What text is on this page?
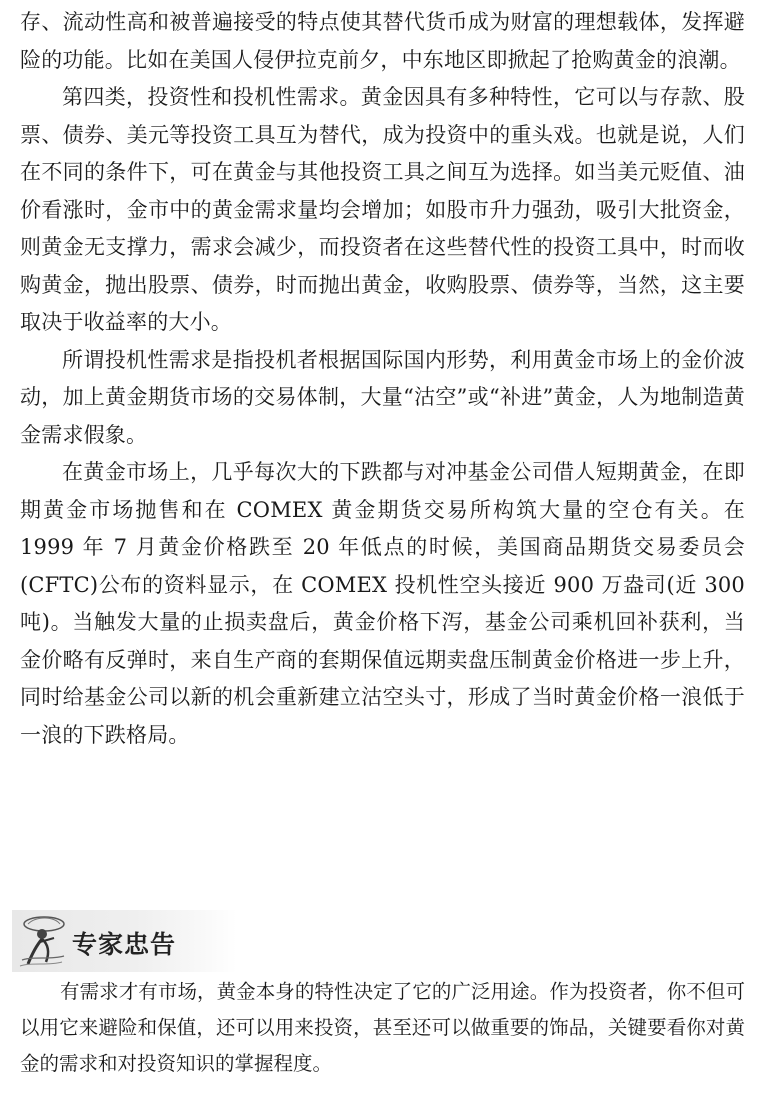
存、流动性高和被普遍接受的特点使其替代货币成为财富的理想载体，发挥避险的功能。比如在美国人侵伊拉克前夕，中东地区即掀起了抢购黄金的浪潮。

第四类，投资性和投机性需求。黄金因具有多种特性，它可以与存款、股票、债券、美元等投资工具互为替代，成为投资中的重头戏。也就是说，人们在不同的条件下，可在黄金与其他投资工具之间互为选择。如当美元贬值、油价看涨时，金市中的黄金需求量均会增加；如股市升力强劲，吸引大批资金，则黄金无支撑力，需求会减少，而投资者在这些替代性的投资工具中，时而收购黄金，抛出股票、债券，时而抛出黄金，收购股票、债券等，当然，这主要取决于收益率的大小。

所谓投机性需求是指投机者根据国际国内形势，利用黄金市场上的金价波动，加上黄金期货市场的交易体制，大量“沽空”或“补进”黄金，人为地制造黄金需求假象。

在黄金市场上，几乎每次大的下跌都与对冲基金公司借人短期黄金，在即期黄金市场抛售和在 COMEX 黄金期货交易所构筑大量的空仓有关。在 1999 年 7 月黄金价格跌至 20 年低点的时候，美国商品期货交易委员会(CFTC)公布的资料显示，在 COMEX 投机性空头接近 900 万盎司(近 300 吨)。当触发大量的止损卖盘后，黄金价格下泻，基金公司乘机回补获利，当金价略有反弹时，来自生产商的套期保值远期卖盘压制黄金价格进一步上升，同时给基金公司以新的机会重新建立沽空头寸，形成了当时黄金价格一浪低于一浪的下跌格局。

专家忠告

有需求才有市场，黄金本身的特性决定了它的广泛用途。作为投资者，你不但可以用它来避险和保值，还可以用来投资，甚至还可以做重要的饰品，关键要看你对黄金的需求和对投资知识的掌握程度。
